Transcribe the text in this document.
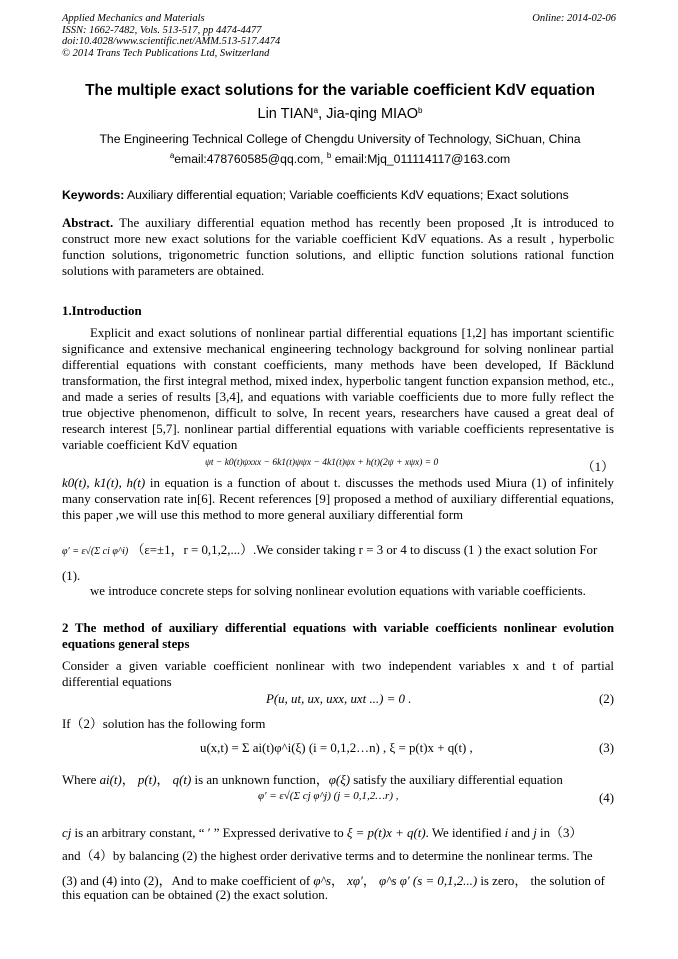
Applied Mechanics and Materials
ISSN: 1662-7482, Vols. 513-517, pp 4474-4477
doi:10.4028/www.scientific.net/AMM.513-517.4474
© 2014 Trans Tech Publications Ltd, Switzerland
Online: 2014-02-06
The multiple exact solutions for the variable coefficient KdV equation
Lin TIAN$^a$, Jia-qing MIAO$^b$
The Engineering Technical College of Chengdu University of Technology, SiChuan, China
$^a$email:478760585@qq.com, $^b$ email:Mjq_011114117@163.com
Keywords: Auxiliary differential equation; Variable coefficients KdV equations; Exact solutions
Abstract. The auxiliary differential equation method has recently been proposed ,It is introduced to construct more new exact solutions for the variable coefficient KdV equations. As a result , hyperbolic function solutions, trigonometric function solutions, and elliptic function solutions rational function solutions with parameters are obtained.
1.Introduction
Explicit and exact solutions of nonlinear partial differential equations [1,2] has important scientific significance and extensive mechanical engineering technology background for solving nonlinear partial differential equations with constant coefficients, many methods have been developed, If Bäcklund transformation, the first integral method, mixed index, hyperbolic tangent function expansion method, etc., and made a series of results [3,4], and equations with variable coefficients due to more fully reflect the true objective phenomenon, difficult to solve, In recent years, researchers have caused a great deal of research interest [5,7]. nonlinear partial differential equations with variable coefficients representative is variable coefficient KdV equation
ψt − k0(t)ψxxx − 6k1(t)ψψx − 4k1(t)ψx + h(t)(2ψ + xψx) = 0	（1）
k0(t), k1(t), h(t) in equation is a function of about t. discusses the methods used Miura (1) of infinitely many conservation rate in[6]. Recent references [9] proposed a method of auxiliary differential equations, this paper ,we will use this method to more general auxiliary differential form
φ′ = ε√(Σ ci φ^i) （ε=±1，r = 0,1,2,...）.We consider taking r = 3 or 4 to discuss (1 ) the exact solution For
(1).
we introduce concrete steps for solving nonlinear evolution equations with variable coefficients.
2 The method of auxiliary differential equations with variable coefficients nonlinear evolution equations general steps
Consider a given variable coefficient nonlinear with two independent variables x and t of partial differential equations
P(u, ut, ux, uxx, uxt ...) = 0 .	(2)
If（2）solution has the following form
u(x,t) = Σ ai(t)φ^i(ξ) (i = 0,1,2…n) , ξ = p(t)x + q(t) ,	(3)
Where ai(t)， p(t)， q(t) is an unknown function，φ(ξ) satisfy the auxiliary differential equation
φ′ = ε√(Σ cj φ^j) (j = 0,1,2…r) ,	(4)
cj is an arbitrary constant, “ ′ ” Expressed derivative to ξ = p(t)x + q(t). We identified i and j in（3）
and（4）by balancing (2) the highest order derivative terms and to determine the nonlinear terms. The
(3) and (4) into (2)，And to make coefficient of φ^s， xφ′， φ^s φ′ (s = 0,1,2...) is zero， the solution of
this equation can be obtained (2) the exact solution.
